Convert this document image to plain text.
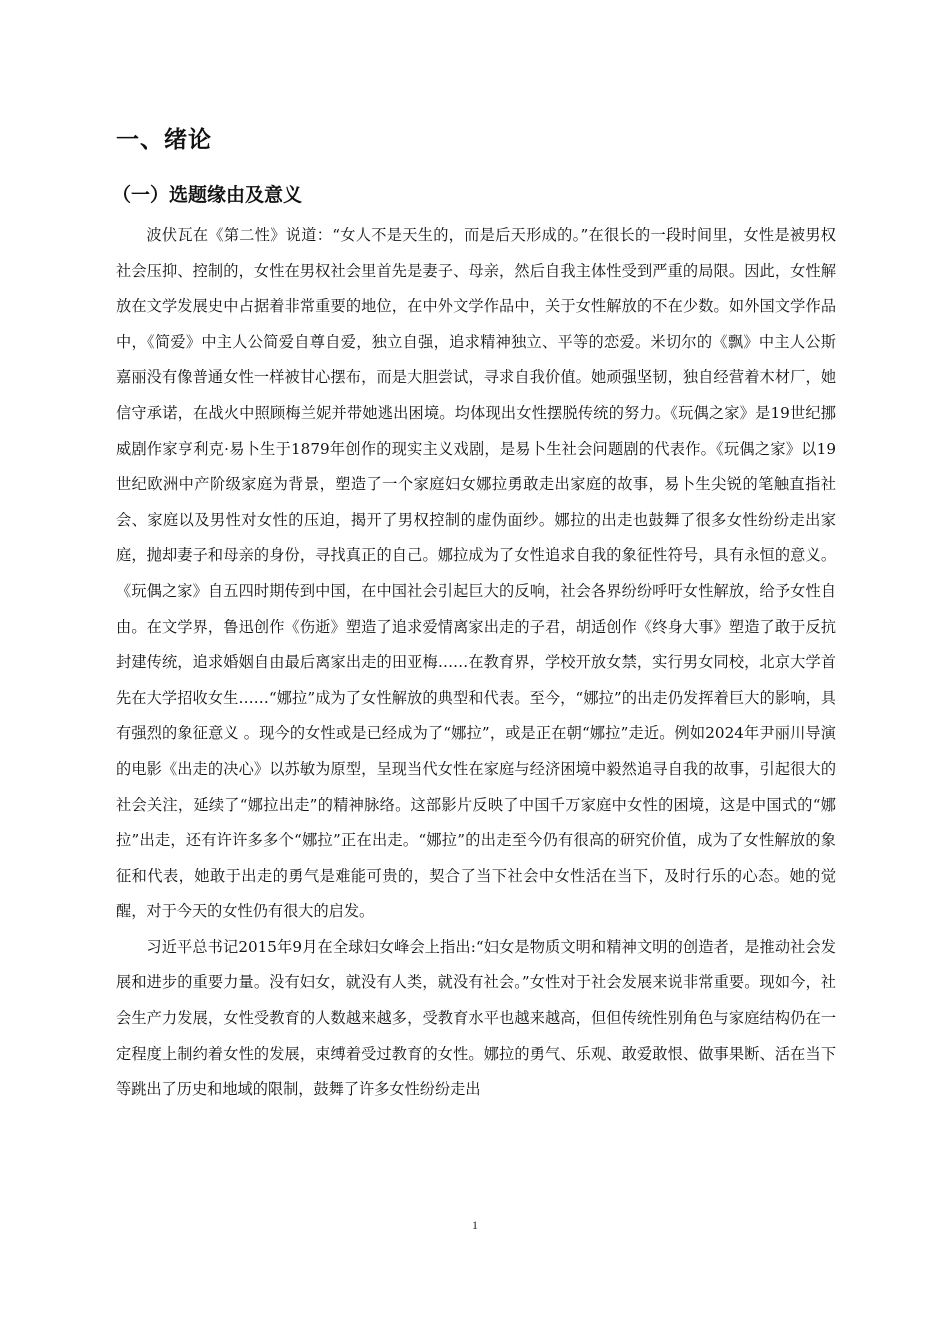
一、绪论
（一）选题缘由及意义

波伏瓦在《第二性》说道：“女人不是天生的，而是后天形成的。”在很长的一段时间里，女性是被男权社会压抑、控制的，女性在男权社会里首先是妻子、母亲，然后自我主体性受到严重的局限。因此，女性解放在文学发展史中占据着非常重要的地位，在中外文学作品中，关于女性解放的不在少数。如外国文学作品中，《简爱》中主人公简爱自尊自爱，独立自强，追求精神独立、平等的恋爱。米切尔的《飘》中主人公斯嘉丽没有像普通女性一样被甘心摆布，而是大胆尝试，寻求自我价值。她顽强坚韧，独自经营着木材厂，她信守承诺，在战火中照顾梅兰妮并带她逃出困境。均体现出女性摆脱传统的努力。《玩偶之家》是19世纪挪威剧作家亨利克·易卜生于1879年创作的现实主义戏剧，是易卜生社会问题剧的代表作。《玩偶之家》以19世纪欧洲中产阶级家庭为背景，塑造了一个家庭妇女娜拉勇敢走出家庭的故事，易卜生尖锐的笔触直指社会、家庭以及男性对女性的压迫，揭开了男权控制的虚伪面纱。娜拉的出走也鼓舞了很多女性纷纷走出家庭，抛却妻子和母亲的身份，寻找真正的自己。娜拉成为了女性追求自我的象征性符号，具有永恒的意义。《玩偶之家》自五四时期传到中国，在中国社会引起巨大的反响，社会各界纷纷呼吁女性解放，给予女性自由。在文学界，鲁迅创作《伤逝》塑造了追求爱情离家出走的子君，胡适创作《终身大事》塑造了敢于反抗封建传统，追求婚姻自由最后离家出走的田亚梅……在教育界，学校开放女禁，实行男女同校，北京大学首先在大学招收女生……“娜拉”成为了女性解放的典型和代表。至今，“娜拉”的出走仍发挥着巨大的影响，具有强烈的象征意义 。现今的女性或是已经成为了“娜拉”，或是正在朝“娜拉”走近。例如2024年尹丽川导演的电影《出走的决心》以苏敏为原型，呈现当代女性在家庭与经济困境中毅然追寻自我的故事，引起很大的社会关注，延续了“娜拉出走”的精神脉络。这部影片反映了中国千万家庭中女性的困境，这是中国式的“娜拉”出走，还有许许多多个“娜拉”正在出走。“娜拉”的出走至今仍有很高的研究价值，成为了女性解放的象征和代表，她敢于出走的勇气是难能可贵的，契合了当下社会中女性活在当下，及时行乐的心态。她的觉醒，对于今天的女性仍有很大的启发。

习近平总书记2015年9月在全球妇女峰会上指出:“妇女是物质文明和精神文明的创造者，是推动社会发展和进步的重要力量。没有妇女，就没有人类，就没有社会。”女性对于社会发展来说非常重要。现如今，社会生产力发展，女性受教育的人数越来越多，受教育水平也越来越高，但但传统性别角色与家庭结构仍在一定程度上制约着女性的发展，束缚着受过教育的女性。娜拉的勇气、乐观、敢爱敢恨、做事果断、活在当下等跳出了历史和地域的限制，鼓舞了许多女性纷纷走出

1
